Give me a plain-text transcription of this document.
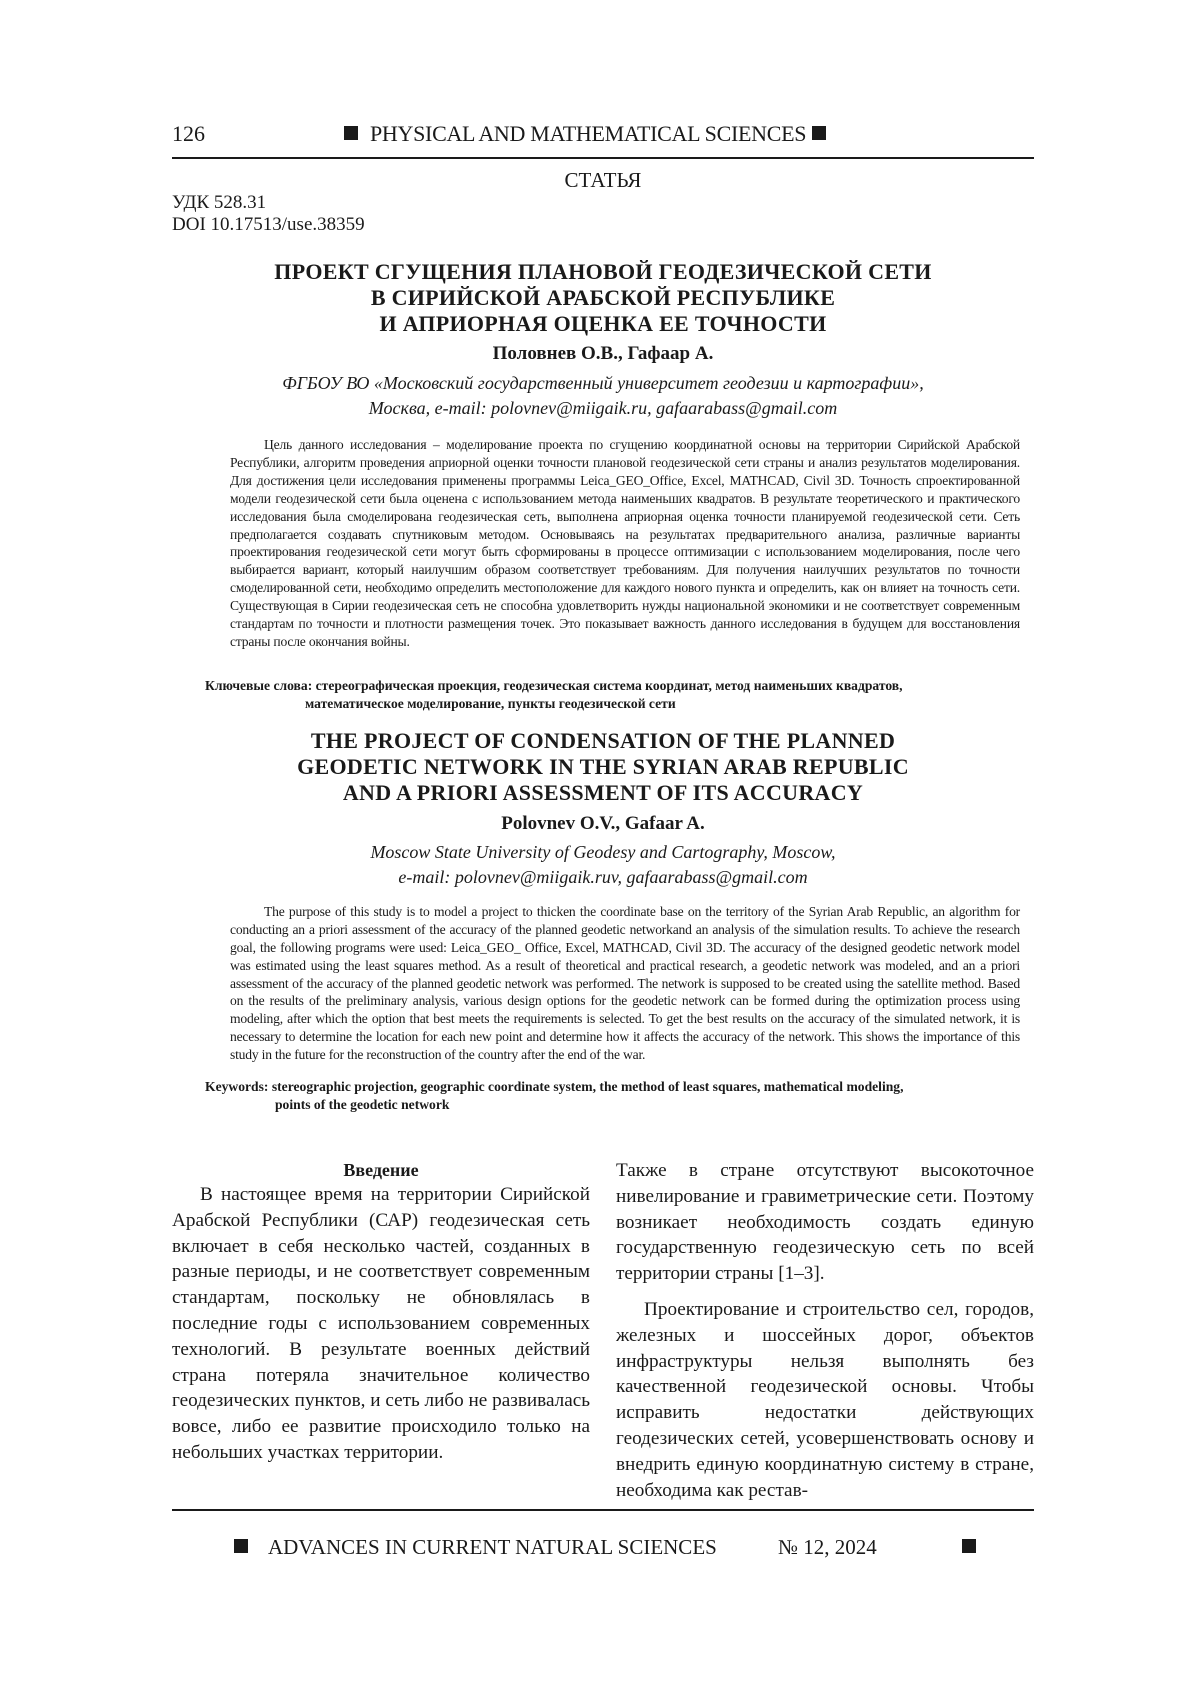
126	PHYSICAL AND MATHEMATICAL SCIENCES
СТАТЬЯ
УДК 528.31
DOI 10.17513/use.38359
ПРОЕКТ СГУЩЕНИЯ ПЛАНОВОЙ ГЕОДЕЗИЧЕСКОЙ СЕТИ
В СИРИЙСКОЙ АРАБСКОЙ РЕСПУБЛИКЕ
И АПРИОРНАЯ ОЦЕНКА ЕЕ ТОЧНОСТИ
Половнев О.В., Гафаар А.
ФГБОУ ВО «Московский государственный университет геодезии и картографии»,
Москва, e-mail: polovnev@miigaik.ru, gafaarabass@gmail.com
Цель данного исследования – моделирование проекта по сгущению координатной основы на территории Сирийской Арабской Республики, алгоритм проведения априорной оценки точности плановой геодезической сети страны и анализ результатов моделирования. Для достижения цели исследования применены программы Leica_GEO_Office, Excel, MATHCAD, Civil 3D. Точность спроектированной модели геодезической сети была оценена с использованием метода наименьших квадратов. В результате теоретического и практического исследования была смоделирована геодезическая сеть, выполнена априорная оценка точности планируемой геодезической сети. Сеть предполагается создавать спутниковым методом. Основываясь на результатах предварительного анализа, различные варианты проектирования геодезической сети могут быть сформированы в процессе оптимизации с использованием моделирования, после чего выбирается вариант, который наилучшим образом соответствует требованиям. Для получения наилучших результатов по точности смоделированной сети, необходимо определить местоположение для каждого нового пункта и определить, как он влияет на точность сети. Существующая в Сирии геодезическая сеть не способна удовлетворить нужды национальной экономики и не соответствует современным стандартам по точности и плотности размещения точек. Это показывает важность данного исследования в будущем для восстановления страны после окончания войны.
Ключевые слова: стереографическая проекция, геодезическая система координат, метод наименьших квадратов,
математическое моделирование, пункты геодезической сети
THE PROJECT OF CONDENSATION OF THE PLANNED
GEODETIC NETWORK IN THE SYRIAN ARAB REPUBLIC
AND A PRIORI ASSESSMENT OF ITS ACCURACY
Polovnev O.V., Gafaar A.
Moscow State University of Geodesy and Cartography, Moscow,
e-mail: polovnev@miigaik.ruv, gafaarabass@gmail.com
The purpose of this study is to model a project to thicken the coordinate base on the territory of the Syrian Arab Republic, an algorithm for conducting an a priori assessment of the accuracy of the planned geodetic networkand an analysis of the simulation results. To achieve the research goal, the following programs were used: Leica_GEO_ Office, Excel, MATHCAD, Civil 3D. The accuracy of the designed geodetic network model was estimated using the least squares method. As a result of theoretical and practical research, a geodetic network was modeled, and an a priori assessment of the accuracy of the planned geodetic network was performed. The network is supposed to be created using the satellite method. Based on the results of the preliminary analysis, various design options for the geodetic network can be formed during the optimization process using modeling, after which the option that best meets the requirements is selected. To get the best results on the accuracy of the simulated network, it is necessary to determine the location for each new point and determine how it affects the accuracy of the network. This shows the importance of this study in the future for the reconstruction of the country after the end of the war.
Keywords: stereographic projection, geographic coordinate system, the method of least squares, mathematical modeling,
points of the geodetic network
Введение

В настоящее время на территории Сирийской Арабской Республики (САР) геодезическая сеть включает в себя несколько частей, созданных в разные периоды, и не соответствует современным стандартам, поскольку не обновлялась в последние годы с использованием современных технологий. В результате военных действий страна потеряла значительное количество геодезических пунктов, и сеть либо не развивалась вовсе, либо ее развитие происходило только на небольших участках территории.

Также в стране отсутствуют высокоточное нивелирование и гравиметрические сети. Поэтому возникает необходимость создать единую государственную геодезическую сеть по всей территории страны [1–3].

Проектирование и строительство сел, городов, железных и шоссейных дорог, объектов инфраструктуры нельзя выполнять без качественной геодезической основы. Чтобы исправить недостатки действующих геодезических сетей, усовершенствовать основу и внедрить единую координатную систему в стране, необходима как рестав-

ADVANCES IN CURRENT NATURAL SCIENCES	№ 12, 2024
